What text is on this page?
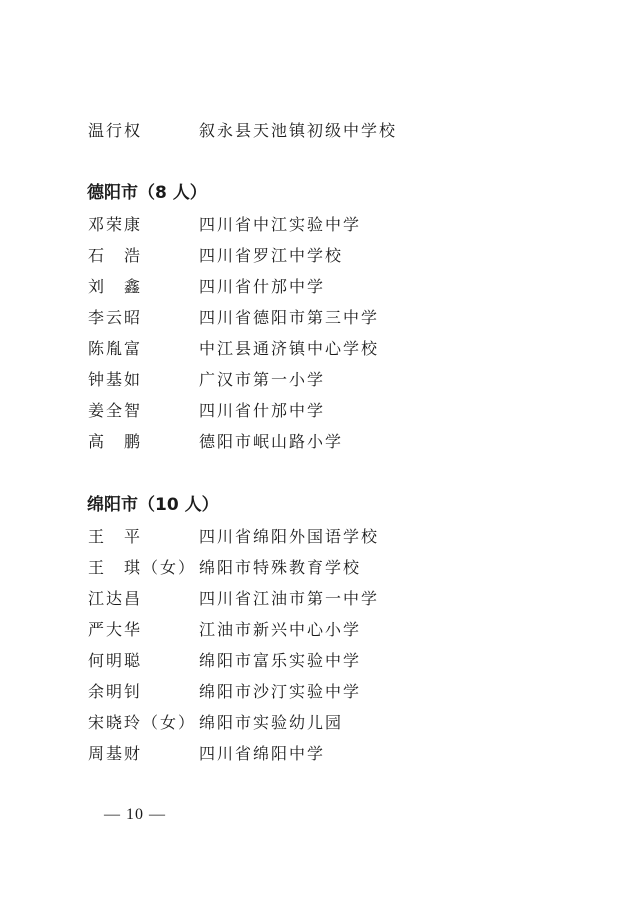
温行权	叙永县天池镇初级中学校
德阳市（8 人）
邓荣康	四川省中江实验中学
石　浩	四川省罗江中学校
刘　鑫	四川省什邡中学
李云昭	四川省德阳市第三中学
陈胤富	中江县通济镇中心学校
钟基如	广汉市第一小学
姜全智	四川省什邡中学
高　鹏	德阳市岷山路小学
绵阳市（10 人）
王　平	四川省绵阳外国语学校
王　琪（女） 绵阳市特殊教育学校
江达昌	四川省江油市第一中学
严大华	江油市新兴中心小学
何明聪	绵阳市富乐实验中学
余明钊	绵阳市沙汀实验中学
宋晓玲（女） 绵阳市实验幼儿园
周基财	四川省绵阳中学
— 10 —
